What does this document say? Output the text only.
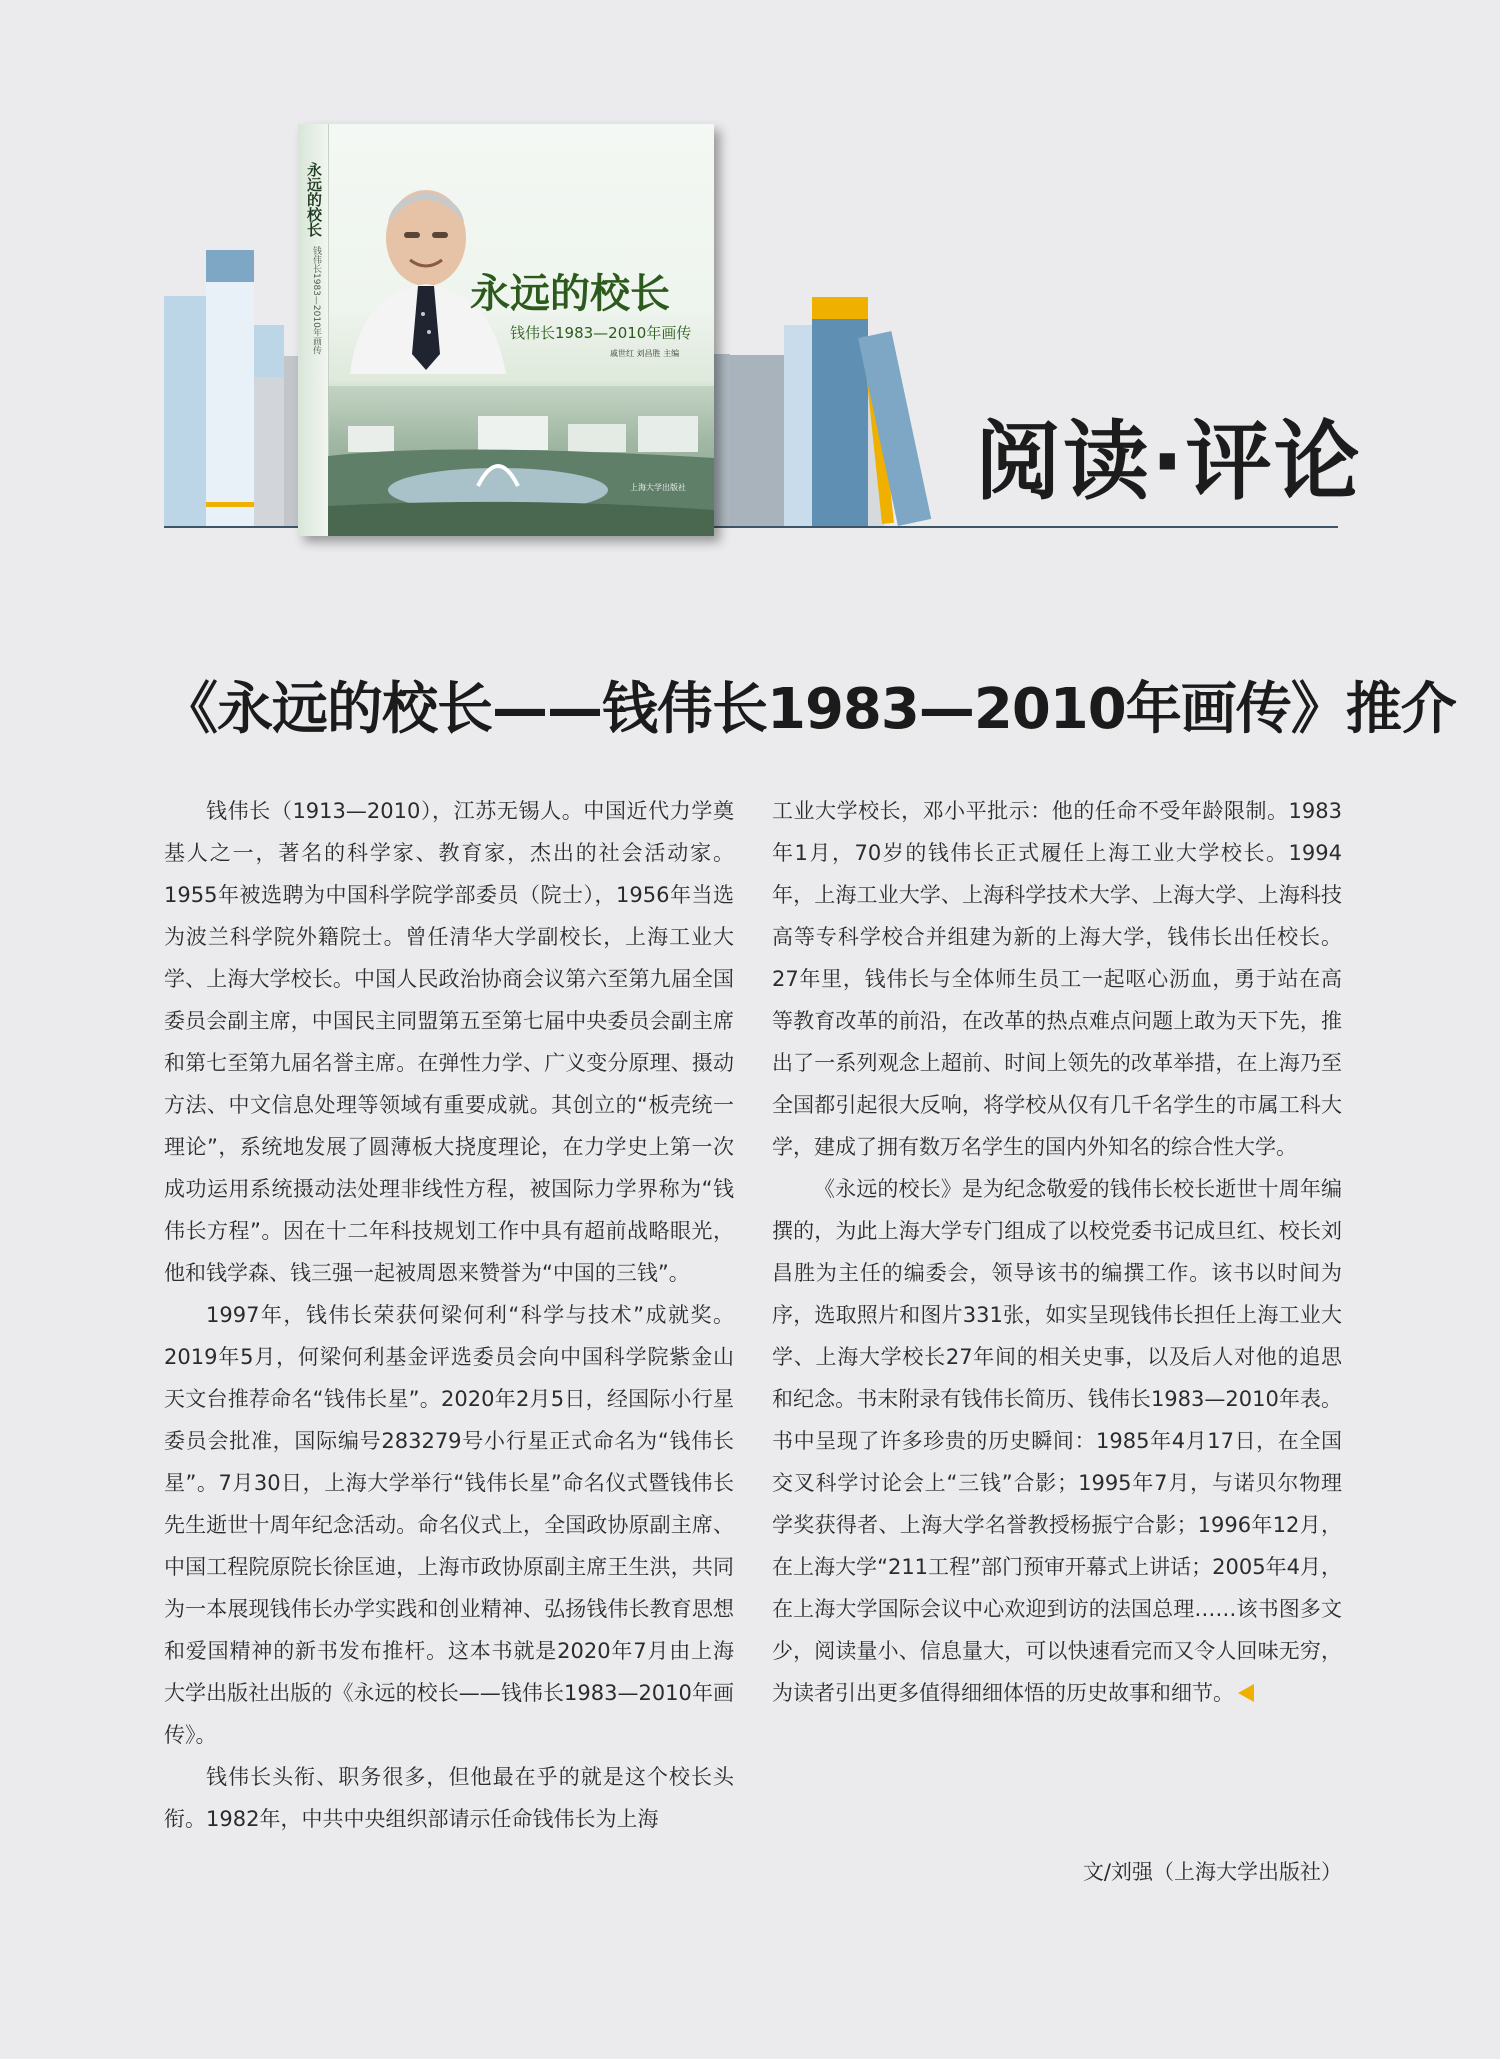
阅读·评论
永远的校长
钱伟长1983—2010年画传	永远的校长
钱伟长1983—2010年画传
戚世红 刘昌胜 主编
上海大学出版社
《永远的校长——钱伟长1983—2010年画传》推介

钱伟长（1913—2010），江苏无锡人。中国近代力学奠基人之一，著名的科学家、教育家，杰出的社会活动家。1955年被选聘为中国科学院学部委员（院士），1956年当选为波兰科学院外籍院士。曾任清华大学副校长，上海工业大学、上海大学校长。中国人民政治协商会议第六至第九届全国委员会副主席，中国民主同盟第五至第七届中央委员会副主席和第七至第九届名誉主席。在弹性力学、广义变分原理、摄动方法、中文信息处理等领域有重要成就。其创立的“板壳统一理论”，系统地发展了圆薄板大挠度理论，在力学史上第一次成功运用系统摄动法处理非线性方程，被国际力学界称为“钱伟长方程”。因在十二年科技规划工作中具有超前战略眼光，他和钱学森、钱三强一起被周恩来赞誉为“中国的三钱”。

1997年，钱伟长荣获何梁何利“科学与技术”成就奖。2019年5月，何梁何利基金评选委员会向中国科学院紫金山天文台推荐命名“钱伟长星”。2020年2月5日，经国际小行星委员会批准，国际编号283279号小行星正式命名为“钱伟长星”。7月30日，上海大学举行“钱伟长星”命名仪式暨钱伟长先生逝世十周年纪念活动。命名仪式上，全国政协原副主席、中国工程院原院长徐匡迪，上海市政协原副主席王生洪，共同为一本展现钱伟长办学实践和创业精神、弘扬钱伟长教育思想和爱国精神的新书发布推杆。这本书就是2020年7月由上海大学出版社出版的《永远的校长——钱伟长1983—2010年画传》。

钱伟长头衔、职务很多，但他最在乎的就是这个校长头衔。1982年，中共中央组织部请示任命钱伟长为上海

工业大学校长，邓小平批示：他的任命不受年龄限制。1983年1月，70岁的钱伟长正式履任上海工业大学校长。1994年，上海工业大学、上海科学技术大学、上海大学、上海科技高等专科学校合并组建为新的上海大学，钱伟长出任校长。27年里，钱伟长与全体师生员工一起呕心沥血，勇于站在高等教育改革的前沿，在改革的热点难点问题上敢为天下先，推出了一系列观念上超前、时间上领先的改革举措，在上海乃至全国都引起很大反响，将学校从仅有几千名学生的市属工科大学，建成了拥有数万名学生的国内外知名的综合性大学。

《永远的校长》是为纪念敬爱的钱伟长校长逝世十周年编撰的，为此上海大学专门组成了以校党委书记成旦红、校长刘昌胜为主任的编委会，领导该书的编撰工作。该书以时间为序，选取照片和图片331张，如实呈现钱伟长担任上海工业大学、上海大学校长27年间的相关史事，以及后人对他的追思和纪念。书末附录有钱伟长简历、钱伟长1983—2010年表。书中呈现了许多珍贵的历史瞬间：1985年4月17日，在全国交叉科学讨论会上“三钱”合影；1995年7月，与诺贝尔物理学奖获得者、上海大学名誉教授杨振宁合影；1996年12月，在上海大学“211工程”部门预审开幕式上讲话；2005年4月，在上海大学国际会议中心欢迎到访的法国总理……该书图多文少，阅读量小、信息量大，可以快速看完而又令人回味无穷，为读者引出更多值得细细体悟的历史故事和细节。

文/刘强（上海大学出版社）
